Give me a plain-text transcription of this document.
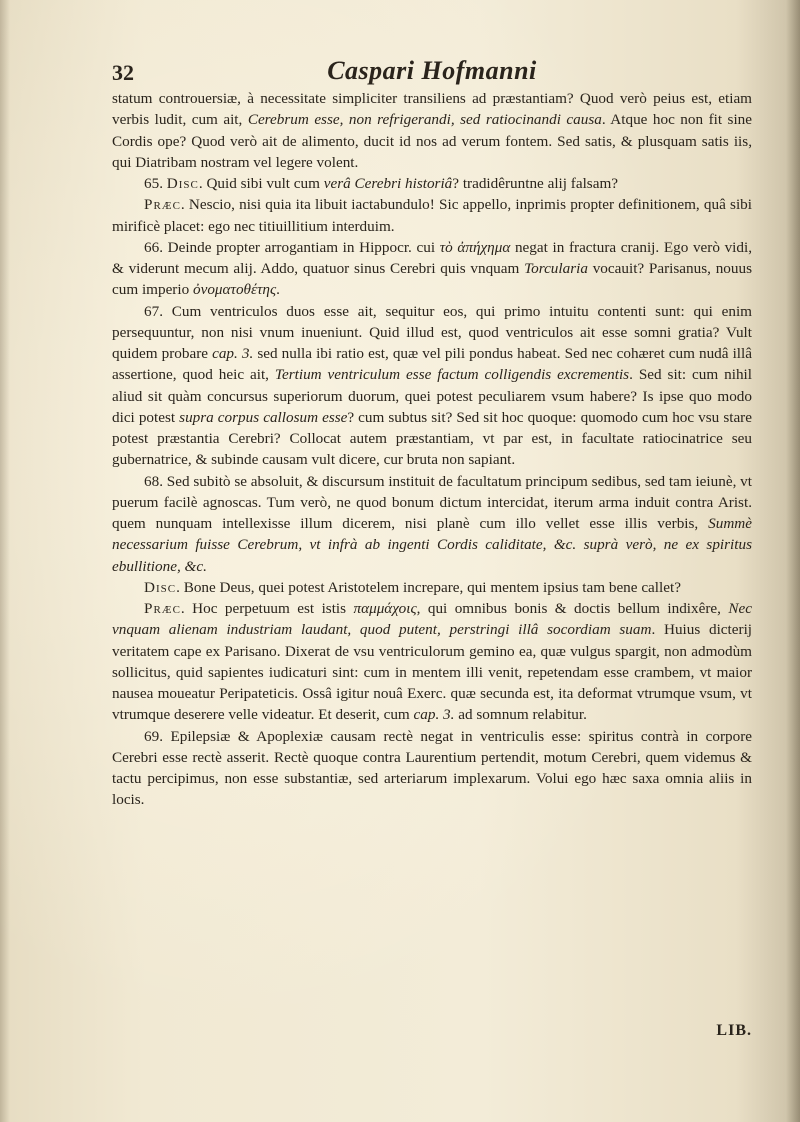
32	Caspari Hofmanni

statum controuersiæ, à necessitate simpliciter transiliens ad præstantiam? Quod verò peius est, etiam verbis ludit, cum ait, Cerebrum esse, non refrigerandi, sed ratiocinandi causa. Atque hoc non fit sine Cordis ope? Quod verò ait de alimento, ducit id nos ad verum fontem. Sed satis, & plusquam satis iis, qui Diatribam nostram vel legere volent.

65. Disc. Quid sibi vult cum verâ Cerebri historiâ? tradidêruntne alij falsam?

Præc. Nescio, nisi quia ita libuit iactabundulo! Sic appello, inprimis propter definitionem, quâ sibi mirificè placet: ego nec titiuillitium interduim.

66. Deinde propter arrogantiam in Hippocr. cui τὸ ἀπήχημα negat in fractura cranij. Ego verò vidi, & viderunt mecum alij. Addo, quatuor sinus Cerebri quis vnquam Torcularia vocauit? Parisanus, nouus cum imperio ὀνοματοθέτης.

67. Cum ventriculos duos esse ait, sequitur eos, qui primo intuitu contenti sunt: qui enim persequuntur, non nisi vnum inueniunt. Quid illud est, quod ventriculos ait esse somni gratia? Vult quidem probare cap. 3. sed nulla ibi ratio est, quæ vel pili pondus habeat. Sed nec cohæret cum nudâ illâ assertione, quod heic ait, Tertium ventriculum esse factum colligendis excrementis. Sed sit: cum nihil aliud sit quàm concursus superiorum duorum, quei potest peculiarem vsum habere? Is ipse quo modo dici potest supra corpus callosum esse? cum subtus sit? Sed sit hoc quoque: quomodo cum hoc vsu stare potest præstantia Cerebri? Collocat autem præstantiam, vt par est, in facultate ratiocinatrice seu gubernatrice, & subinde causam vult dicere, cur bruta non sapiant.

68. Sed subitò se absoluit, & discursum instituit de facultatum principum sedibus, sed tam ieiunè, vt puerum facilè agnoscas. Tum verò, ne quod bonum dictum intercidat, iterum arma induit contra Arist. quem nunquam intellexisse illum dicerem, nisi planè cum illo vellet esse illis verbis, Summè necessarium fuisse Cerebrum, vt infrà ab ingenti Cordis caliditate, &c. suprà verò, ne ex spiritus ebullitione, &c.

Disc. Bone Deus, quei potest Aristotelem increpare, qui mentem ipsius tam bene callet?

Præc. Hoc perpetuum est istis παμμάχοις, qui omnibus bonis & doctis bellum indixêre, Nec vnquam alienam industriam laudant, quod putent, perstringi illâ socordiam suam. Huius dicterij veritatem cape ex Parisano. Dixerat de vsu ventriculorum gemino ea, quæ vulgus spargit, non admodùm sollicitus, quid sapientes iudicaturi sint: cum in mentem illi venit, repetendam esse crambem, vt maior nausea moueatur Peripateticis. Ossâ igitur nouâ Exerc. quæ secunda est, ita deformat vtrumque vsum, vt vtrumque deserere velle videatur. Et deserit, cum cap. 3. ad somnum relabitur.

69. Epilepsiæ & Apoplexiæ causam rectè negat in ventriculis esse: spiritus contrà in corpore Cerebri esse rectè asserit. Rectè quoque contra Laurentium pertendit, motum Cerebri, quem videmus & tactu percipimus, non esse substantiæ, sed arteriarum implexarum. Volui ego hæc saxa omnia aliis in locis.

LIB.
